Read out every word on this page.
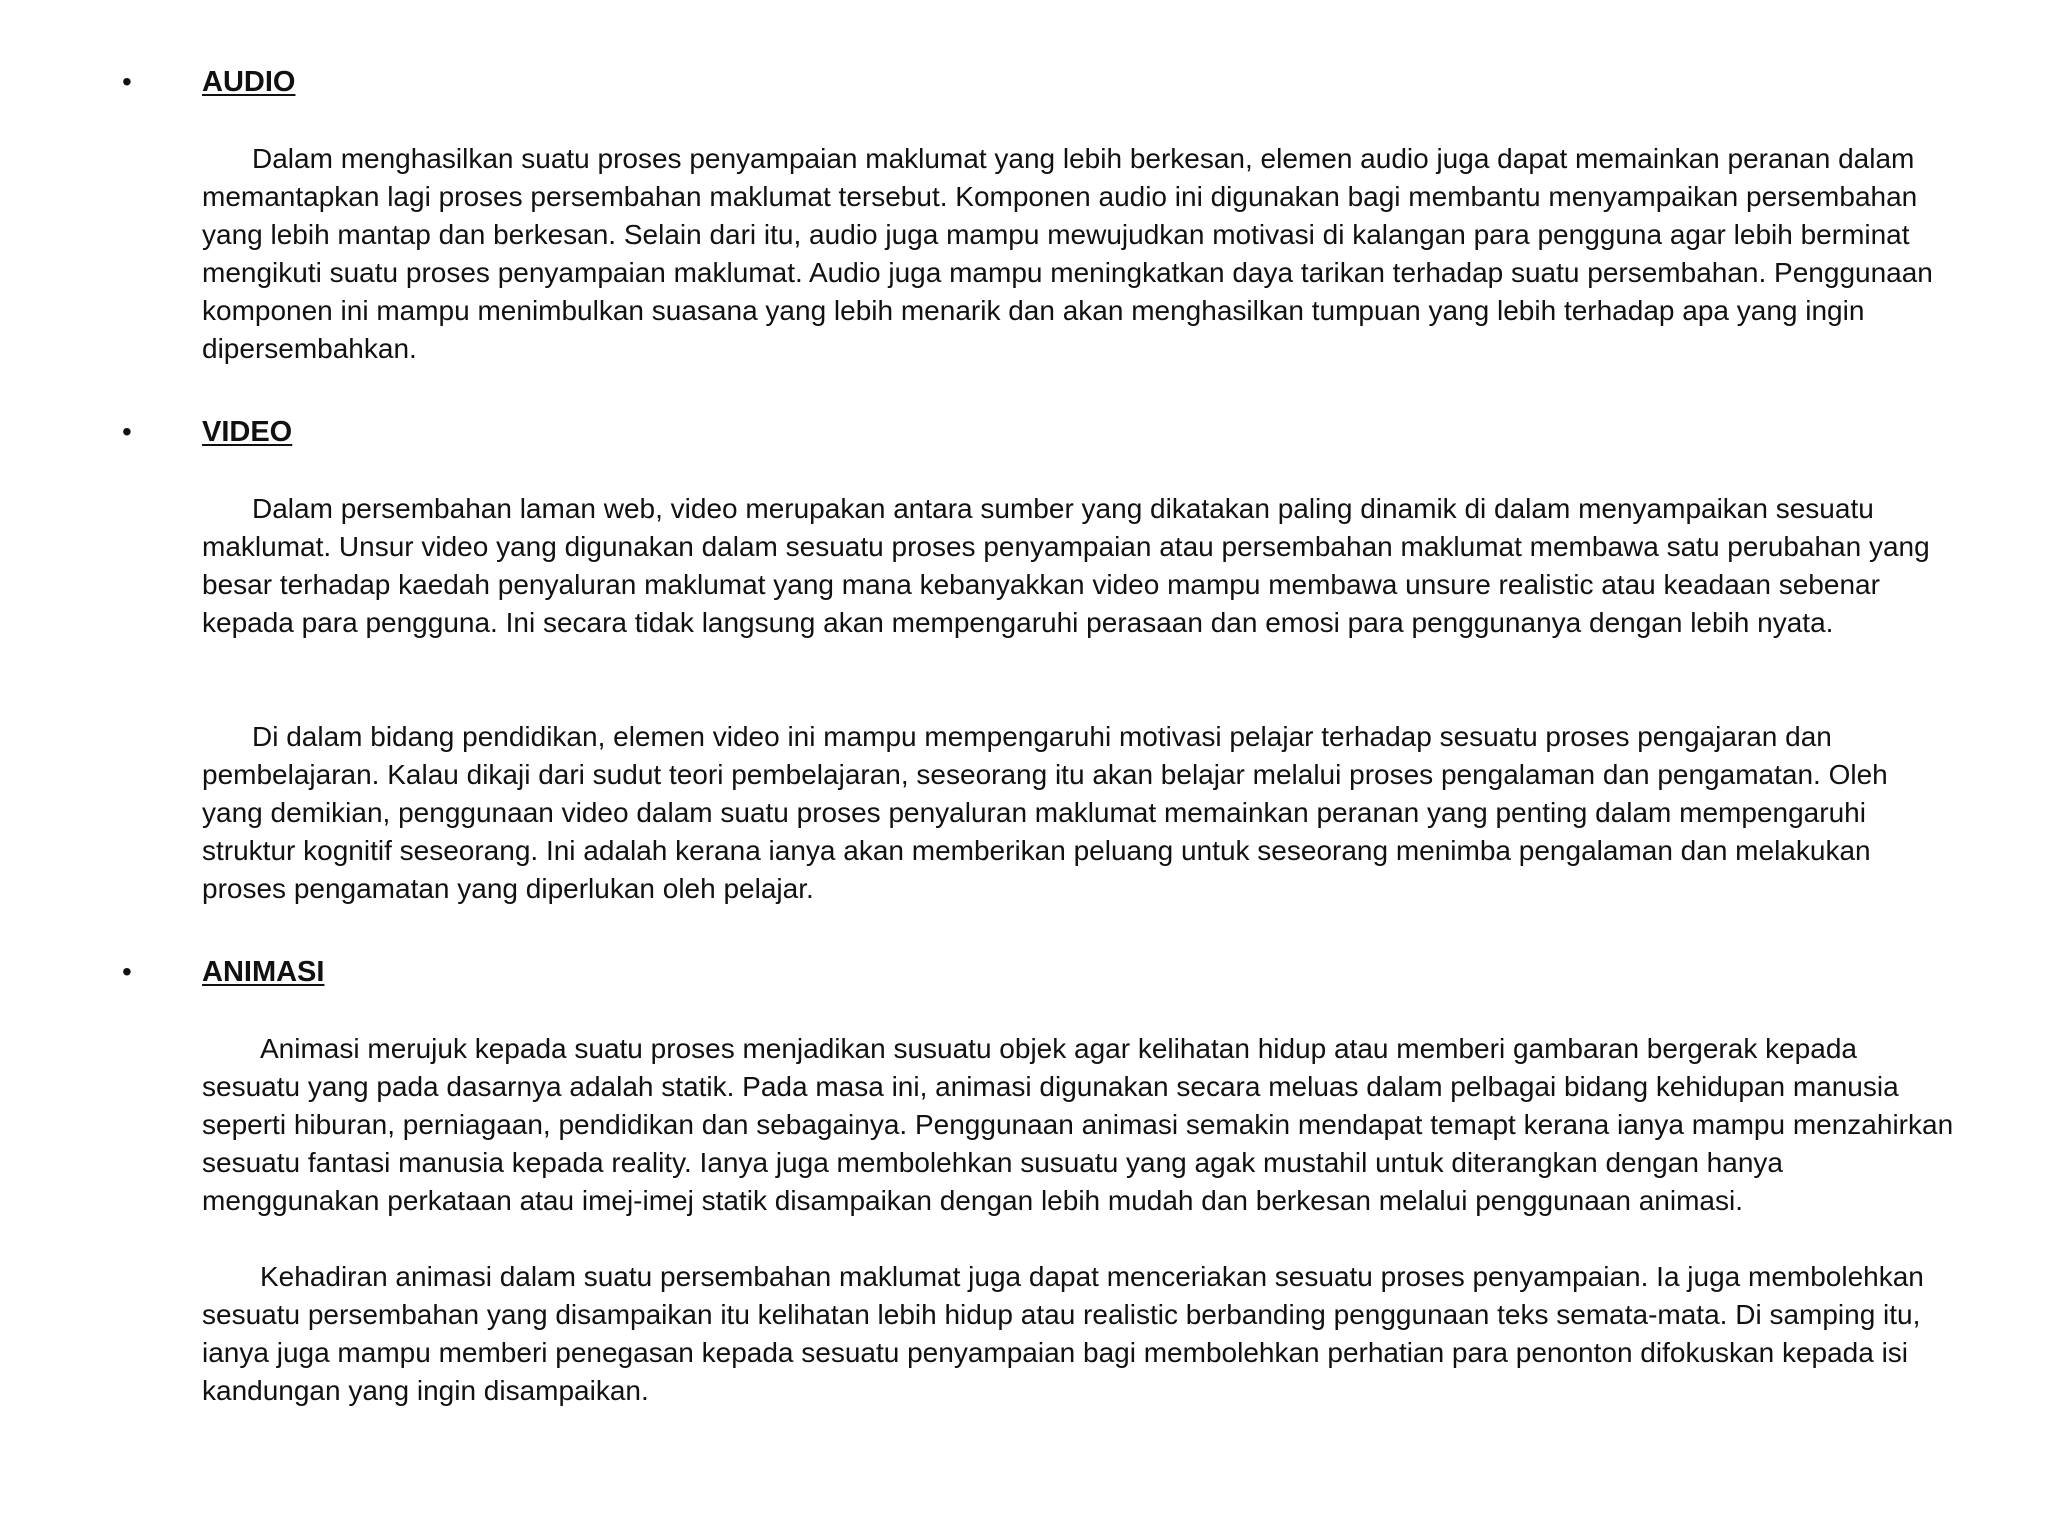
• AUDIO

Dalam menghasilkan suatu proses penyampaian maklumat yang lebih berkesan, elemen audio juga dapat memainkan peranan dalam memantapkan lagi proses persembahan maklumat tersebut. Komponen audio ini digunakan bagi membantu menyampaikan persembahan yang lebih mantap dan berkesan. Selain dari itu, audio juga mampu mewujudkan motivasi di kalangan para pengguna agar lebih berminat mengikuti suatu proses penyampaian maklumat. Audio juga mampu meningkatkan daya tarikan terhadap suatu persembahan. Penggunaan komponen ini mampu menimbulkan suasana yang lebih menarik dan akan menghasilkan tumpuan yang lebih terhadap apa yang ingin dipersembahkan.

• VIDEO

Dalam persembahan laman web, video merupakan antara sumber yang dikatakan paling dinamik di dalam menyampaikan sesuatu maklumat. Unsur video yang digunakan dalam sesuatu proses penyampaian atau persembahan maklumat membawa satu perubahan yang besar terhadap kaedah penyaluran maklumat yang mana kebanyakkan video mampu membawa unsure realistic atau keadaan sebenar kepada para pengguna. Ini secara tidak langsung akan mempengaruhi perasaan dan emosi para penggunanya dengan lebih nyata.

Di dalam bidang pendidikan, elemen video ini mampu mempengaruhi motivasi pelajar terhadap sesuatu proses pengajaran dan pembelajaran. Kalau dikaji dari sudut teori pembelajaran, seseorang itu akan belajar melalui proses pengalaman dan pengamatan. Oleh yang demikian, penggunaan video dalam suatu proses penyaluran maklumat memainkan peranan yang penting dalam mempengaruhi struktur kognitif seseorang. Ini adalah kerana ianya akan memberikan peluang untuk seseorang menimba pengalaman dan melakukan proses pengamatan yang diperlukan oleh pelajar.

• ANIMASI

Animasi merujuk kepada suatu proses menjadikan susuatu objek agar kelihatan hidup atau memberi gambaran bergerak kepada sesuatu yang pada dasarnya adalah statik. Pada masa ini, animasi digunakan secara meluas dalam pelbagai bidang kehidupan manusia seperti hiburan, perniagaan, pendidikan dan sebagainya. Penggunaan animasi semakin mendapat temapt kerana ianya mampu menzahirkan sesuatu fantasi manusia kepada reality. Ianya juga membolehkan susuatu yang agak mustahil untuk diterangkan dengan hanya menggunakan perkataan atau imej-imej statik disampaikan dengan lebih mudah dan berkesan melalui penggunaan animasi.

Kehadiran animasi dalam suatu persembahan maklumat juga dapat menceriakan sesuatu proses penyampaian. Ia juga membolehkan sesuatu persembahan yang disampaikan itu kelihatan lebih hidup atau realistic berbanding penggunaan teks semata-mata. Di samping itu, ianya juga mampu memberi penegasan kepada sesuatu penyampaian bagi membolehkan perhatian para penonton difokuskan kepada isi kandungan yang ingin disampaikan.
